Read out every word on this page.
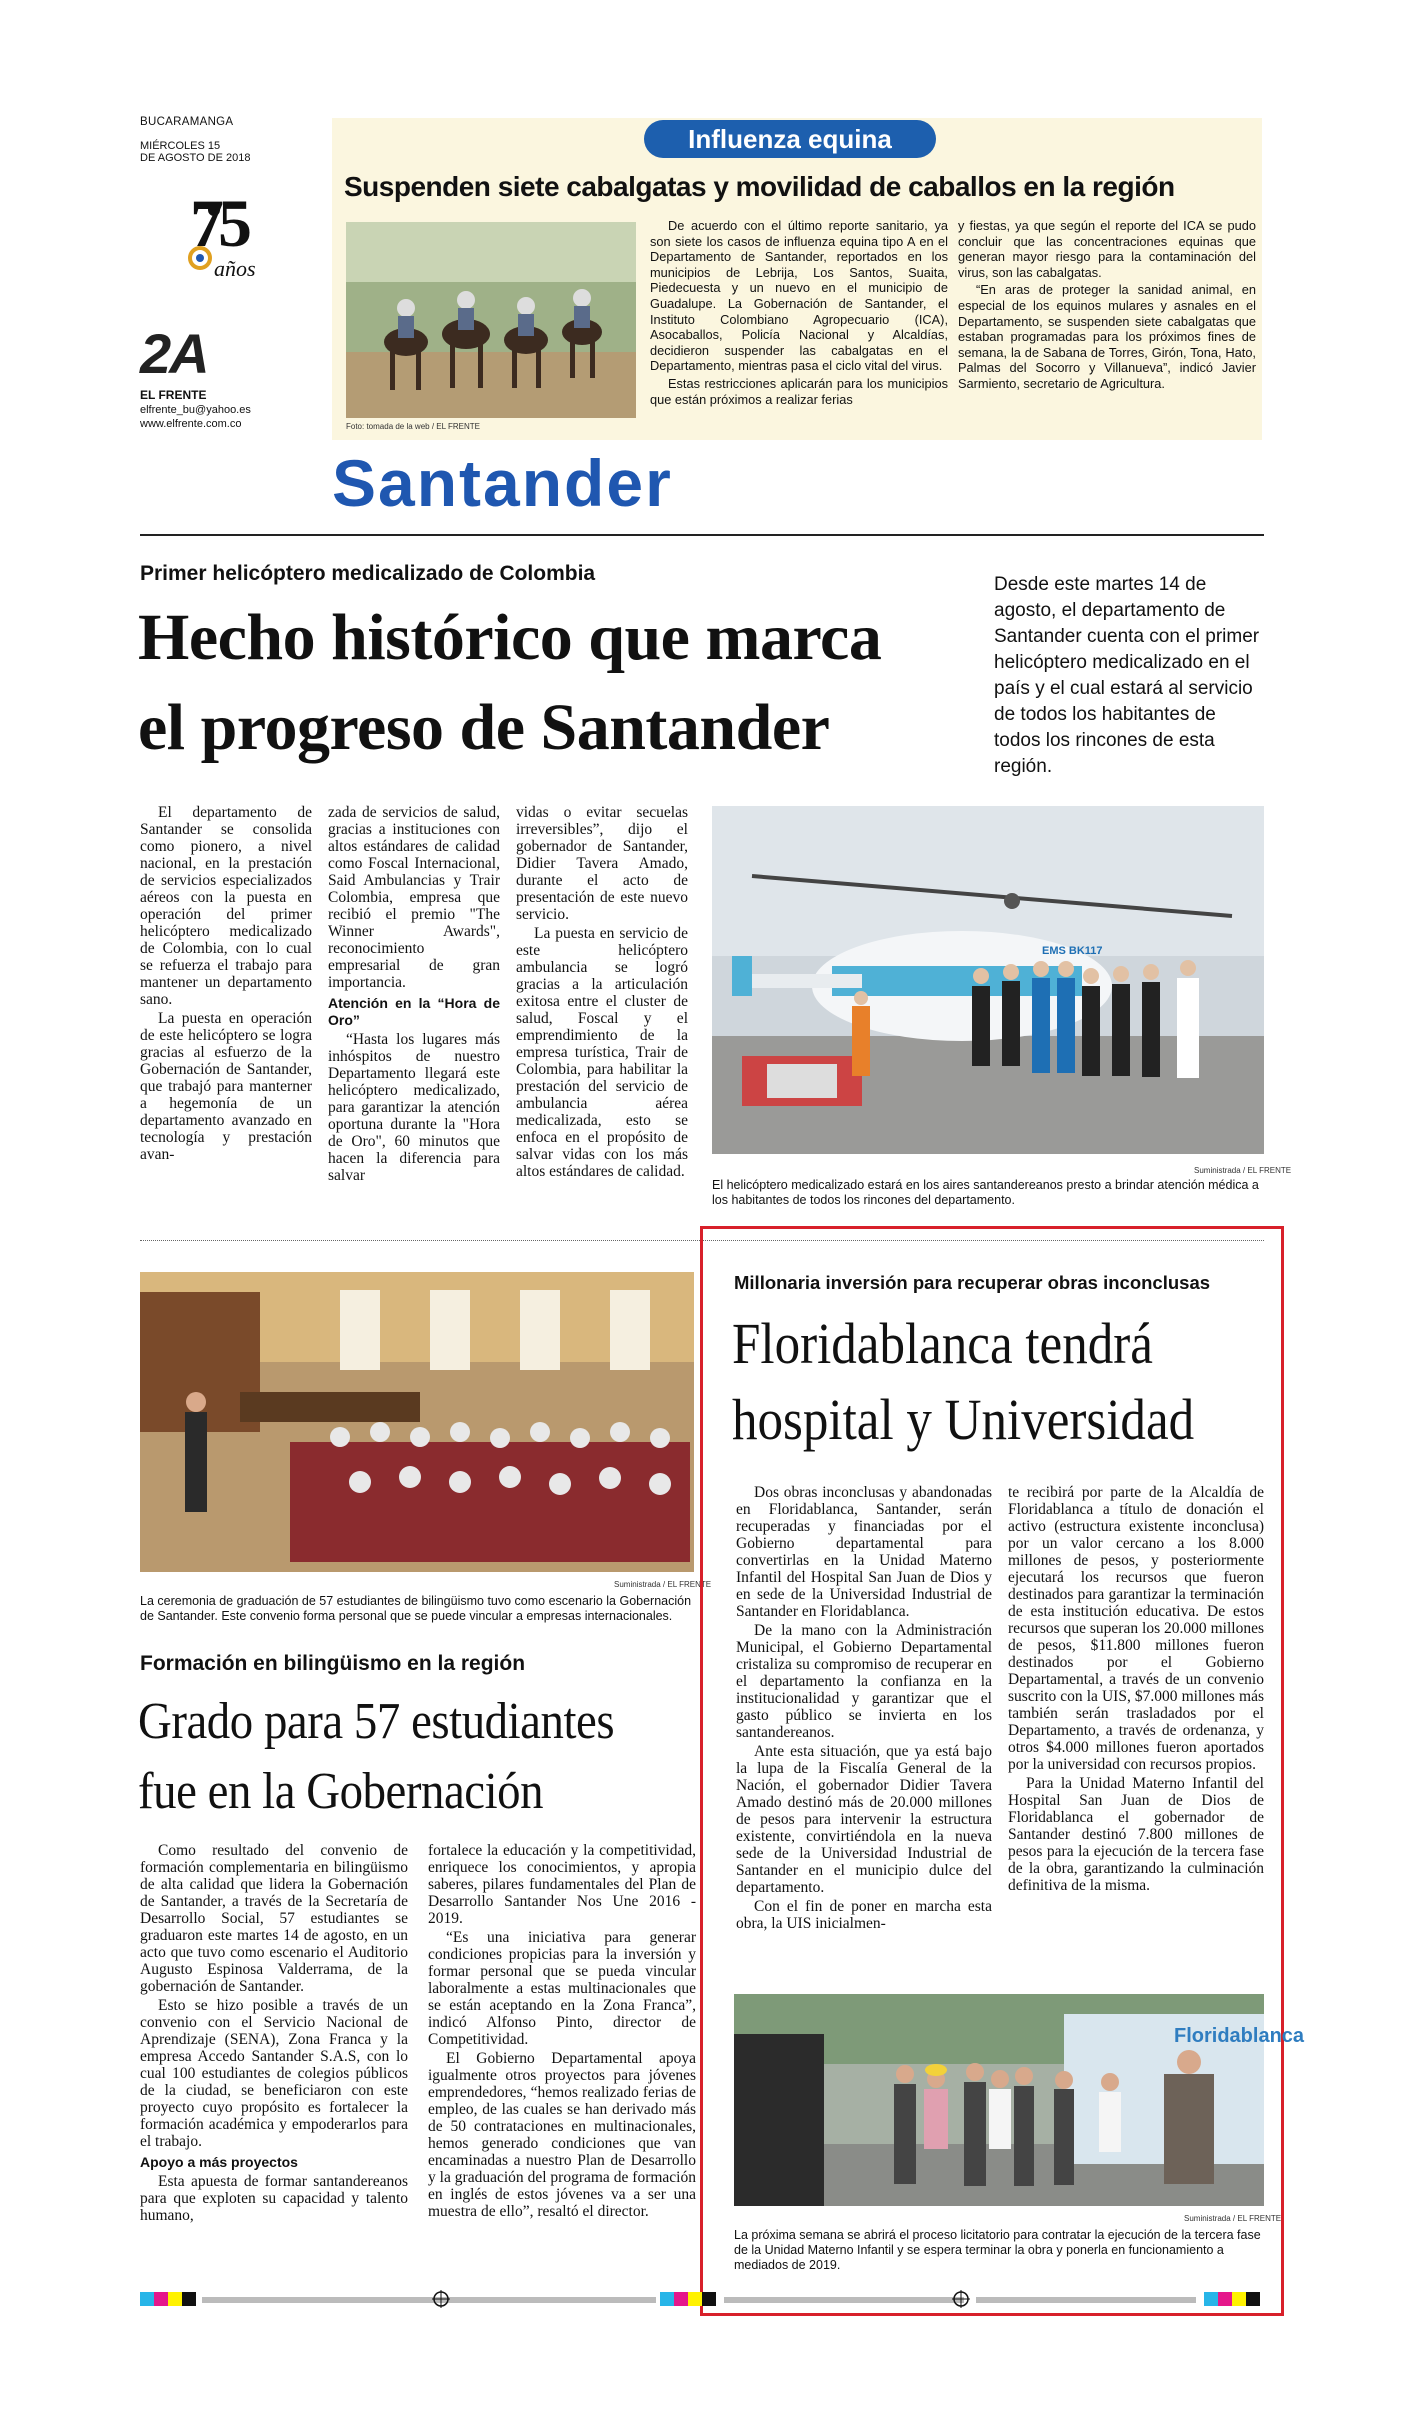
BUCARAMANGA
MIÉRCOLES 15
DE AGOSTO DE 2018
75
años
2A
EL FRENTE
elfrente_bu@yahoo.es
www.elfrente.com.co
Influenza equina
Suspenden siete cabalgatas y movilidad de caballos en la región
Foto: tomada de la web / EL FRENTE

De acuerdo con el último reporte sanitario, ya son siete los casos de influenza equina tipo A en el Departamento de Santander, reportados en los municipios de Lebrija, Los Santos, Suaita, Piedecuesta y un nuevo en el municipio de Guadalupe. La Gobernación de Santander, el Instituto Colombiano Agropecuario (ICA), Asocaballos, Policía Nacional y Alcaldías, decidieron suspender las cabalgatas en el Departamento, mientras pasa el ciclo vital del virus.

Estas restricciones aplicarán para los municipios que están próximos a realizar ferias

y fiestas, ya que según el reporte del ICA se pudo concluir que las concentraciones equinas que generan mayor riesgo para la contaminación del virus, son las cabalgatas.

“En aras de proteger la sanidad animal, en especial de los equinos mulares y asnales en el Departamento, se suspenden siete cabalgatas que estaban programadas para los próximos fines de semana, la de Sabana de Torres, Girón, Tona, Hato, Palmas del Socorro y Villanueva”, indicó Javier Sarmiento, secretario de Agricultura.

Santander
Primer helicóptero medicalizado de Colombia
Hecho histórico que marca
el progreso de Santander
Desde este martes 14 de agosto, el departamento de Santander cuenta con el primer helicóptero medicalizado en el país y el cual estará al servicio de todos los habitantes de todos los rincones de esta región.

El departamento de Santander se consolida como pionero, a nivel nacional, en la prestación de servicios especializados aéreos con la puesta en operación del primer helicóptero medicalizado de Colombia, con lo cual se refuerza el trabajo para mantener un departamento sano.

La puesta en operación de este helicóptero se logra gracias al esfuerzo de la Gobernación de Santander, que trabajó para manterner a hegemonía de un departamento avanzado en tecnología y prestación avan-

zada de servicios de salud, gracias a instituciones con altos estándares de calidad como Foscal Internacional, Said Ambulancias y Trair Colombia, empresa que recibió el premio "The Winner Awards", reconocimiento empresarial de gran importancia.

Atención en la “Hora de Oro”

“Hasta los lugares más inhóspitos de nuestro Departamento llegará este helicóptero medicalizado, para garantizar la atención oportuna durante la "Hora de Oro", 60 minutos que hacen la diferencia para salvar

vidas o evitar secuelas irreversibles”, dijo el gobernador de Santander, Didier Tavera Amado, durante el acto de presentación de este nuevo servicio.

La puesta en servicio de este helicóptero ambulancia se logró gracias a la articulación exitosa entre el cluster de salud, Foscal y el emprendimiento de la empresa turística, Trair de Colombia, para habilitar la prestación del servicio de ambulancia aérea medicalizada, esto se enfoca en el propósito de salvar vidas con los más altos estándares de calidad.

EMS BK117
Suministrada / EL FRENTE
El helicóptero medicalizado estará en los aires santandereanos presto a brindar atención médica a los habitantes de todos los rincones del departamento.
Suministrada / EL FRENTE
La ceremonia de graduación de 57 estudiantes de bilingüismo tuvo como escenario la Gobernación de Santander. Este convenio forma personal que se puede vincular a empresas internacionales.
Formación en bilingüismo en la región
Grado para 57 estudiantes
fue en la Gobernación

Como resultado del convenio de formación complementaria en bilingüismo de alta calidad que lidera la Gobernación de Santander, a través de la Secretaría de Desarrollo Social, 57 estudiantes se graduaron este martes 14 de agosto, en un acto que tuvo como escenario el Auditorio Augusto Espinosa Valderrama, de la gobernación de Santander.

Esto se hizo posible a través de un convenio con el Servicio Nacional de Aprendizaje (SENA), Zona Franca y la empresa Accedo Santander S.A.S, con lo cual 100 estudiantes de colegios públicos de la ciudad, se beneficiaron con este proyecto cuyo propósito es fortalecer la formación académica y empoderarlos para el trabajo.

Apoyo a más proyectos

Esta apuesta de formar santandereanos para que exploten su capacidad y talento humano,

fortalece la educación y la competitividad, enriquece los conocimientos, y apropia saberes, pilares fundamentales del Plan de Desarrollo Santander Nos Une 2016 - 2019.

“Es una iniciativa para generar condiciones propicias para la inversión y formar personal que se pueda vincular laboralmente a estas multinacionales que se están aceptando en la Zona Franca”, indicó Alfonso Pinto, director de Competitividad.

El Gobierno Departamental apoya igualmente otros proyectos para jóvenes emprendedores, “hemos realizado ferias de empleo, de las cuales se han derivado más de 50 contrataciones en multinacionales, hemos generado condiciones que van encaminadas a nuestro Plan de Desarrollo y la graduación del programa de formación en inglés de estos jóvenes va a ser una muestra de ello”, resaltó el director.

Millonaria inversión para recuperar obras inconclusas
Floridablanca tendrá
hospital y Universidad

Dos obras inconclusas y abandonadas en Floridablanca, Santander, serán recuperadas y financiadas por el Gobierno departamental para convertirlas en la Unidad Materno Infantil del Hospital San Juan de Dios y en sede de la Universidad Industrial de Santander en Floridablanca.

De la mano con la Administración Municipal, el Gobierno Departamental cristaliza su compromiso de recuperar en el departamento la confianza en la institucionalidad y garantizar que el gasto público se invierta en los santandereanos.

Ante esta situación, que ya está bajo la lupa de la Fiscalía General de la Nación, el gobernador Didier Tavera Amado destinó más de 20.000 millones de pesos para intervenir la estructura existente, convirtiéndola en la nueva sede de la Universidad Industrial de Santander en el municipio dulce del departamento.

Con el fin de poner en marcha esta obra, la UIS inicialmen-

te recibirá por parte de la Alcaldía de Floridablanca a título de donación el activo (estructura existente inconclusa) por un valor cercano a los 8.000 millones de pesos, y posteriormente ejecutará los recursos que fueron destinados para garantizar la terminación de esta institución educativa. De estos recursos que superan los 20.000 millones de pesos, $11.800 millones fueron destinados por el Gobierno Departamental, a través de un convenio suscrito con la UIS, $7.000 millones más también serán trasladados por el Departamento, a través de ordenanza, y otros $4.000 millones fueron aportados por la universidad con recursos propios.

Para la Unidad Materno Infantil del Hospital San Juan de Dios de Floridablanca el gobernador de Santander destinó 7.800 millones de pesos para la ejecución de la tercera fase de la obra, garantizando la culminación definitiva de la misma.

Floridablanca
Suministrada / EL FRENTE
La próxima semana se abrirá el proceso licitatorio para contratar la ejecución de la tercera fase de la Unidad Materno Infantil y se espera terminar la obra y ponerla en funcionamiento a mediados de 2019.
